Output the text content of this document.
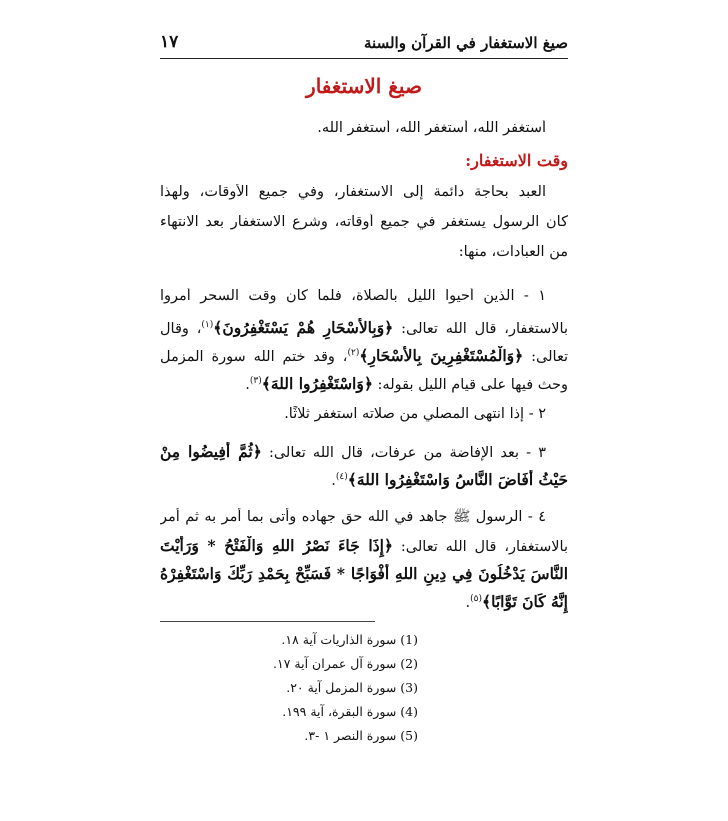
صيغ الاستغفار في القرآن والسنة
١٧
صيغ الاستغفار
أستغفر الله، أستغفر الله، أستغفر الله.
وقت الاستغفار:
العبد بحاجة دائمة إلى الاستغفار، وفي جميع الأوقات، ولهذا
كان الرسول يستغفر في جميع أوقاته، وشرع الاستغفار بعد الانتهاء
من العبادات، منها:
١ - الذين أحيوا الليل بالصلاة، فلما كان وقت السحر أمروا
بالاستغفار، قال الله تعالى: ﴿وَبِالأَسْحَارِ هُمْ يَسْتَغْفِرُونَ﴾$^{(١)}$، وقال
تعالى: ﴿وَالْمُسْتَغْفِرِينَ بِالأَسْحَارِ﴾$^{(٢)}$، وقد ختم الله سورة المزمل
وحث فيها على قيام الليل بقوله: ﴿وَاسْتَغْفِرُوا اللهَ﴾$^{(٣)}$.
٢ - إذا انتهى المصلي من صلاته استغفر ثلاثًا.
٣ - بعد الإفاضة من عرفات، قال الله تعالى: ﴿ثُمَّ أَفِيضُوا مِنْ
حَيْثُ أَفَاضَ النَّاسُ وَاسْتَغْفِرُوا اللهَ﴾$^{(٤)}$.
٤ - الرسول ﷺ جاهد في الله حق جهاده وأتى بما أمر به ثم أُمر
بالاستغفار، قال الله تعالى: ﴿إِذَا جَاءَ نَصْرُ اللهِ وَالْفَتْحُ * وَرَأَيْتَ
النَّاسَ يَدْخُلُونَ فِي دِينِ اللهِ أَفْوَاجًا * فَسَبِّحْ بِحَمْدِ رَبِّكَ وَاسْتَغْفِرْهُ
إِنَّهُ كَانَ تَوَّابًا﴾$^{(٥)}$.
(1) سورة الذاريات آية ١٨.
(2) سورة آل عمران آية ١٧.
(3) سورة المزمل آية ٢٠.
(4) سورة البقرة، آية ١٩٩.
(5) سورة النصر ١ -٣.
